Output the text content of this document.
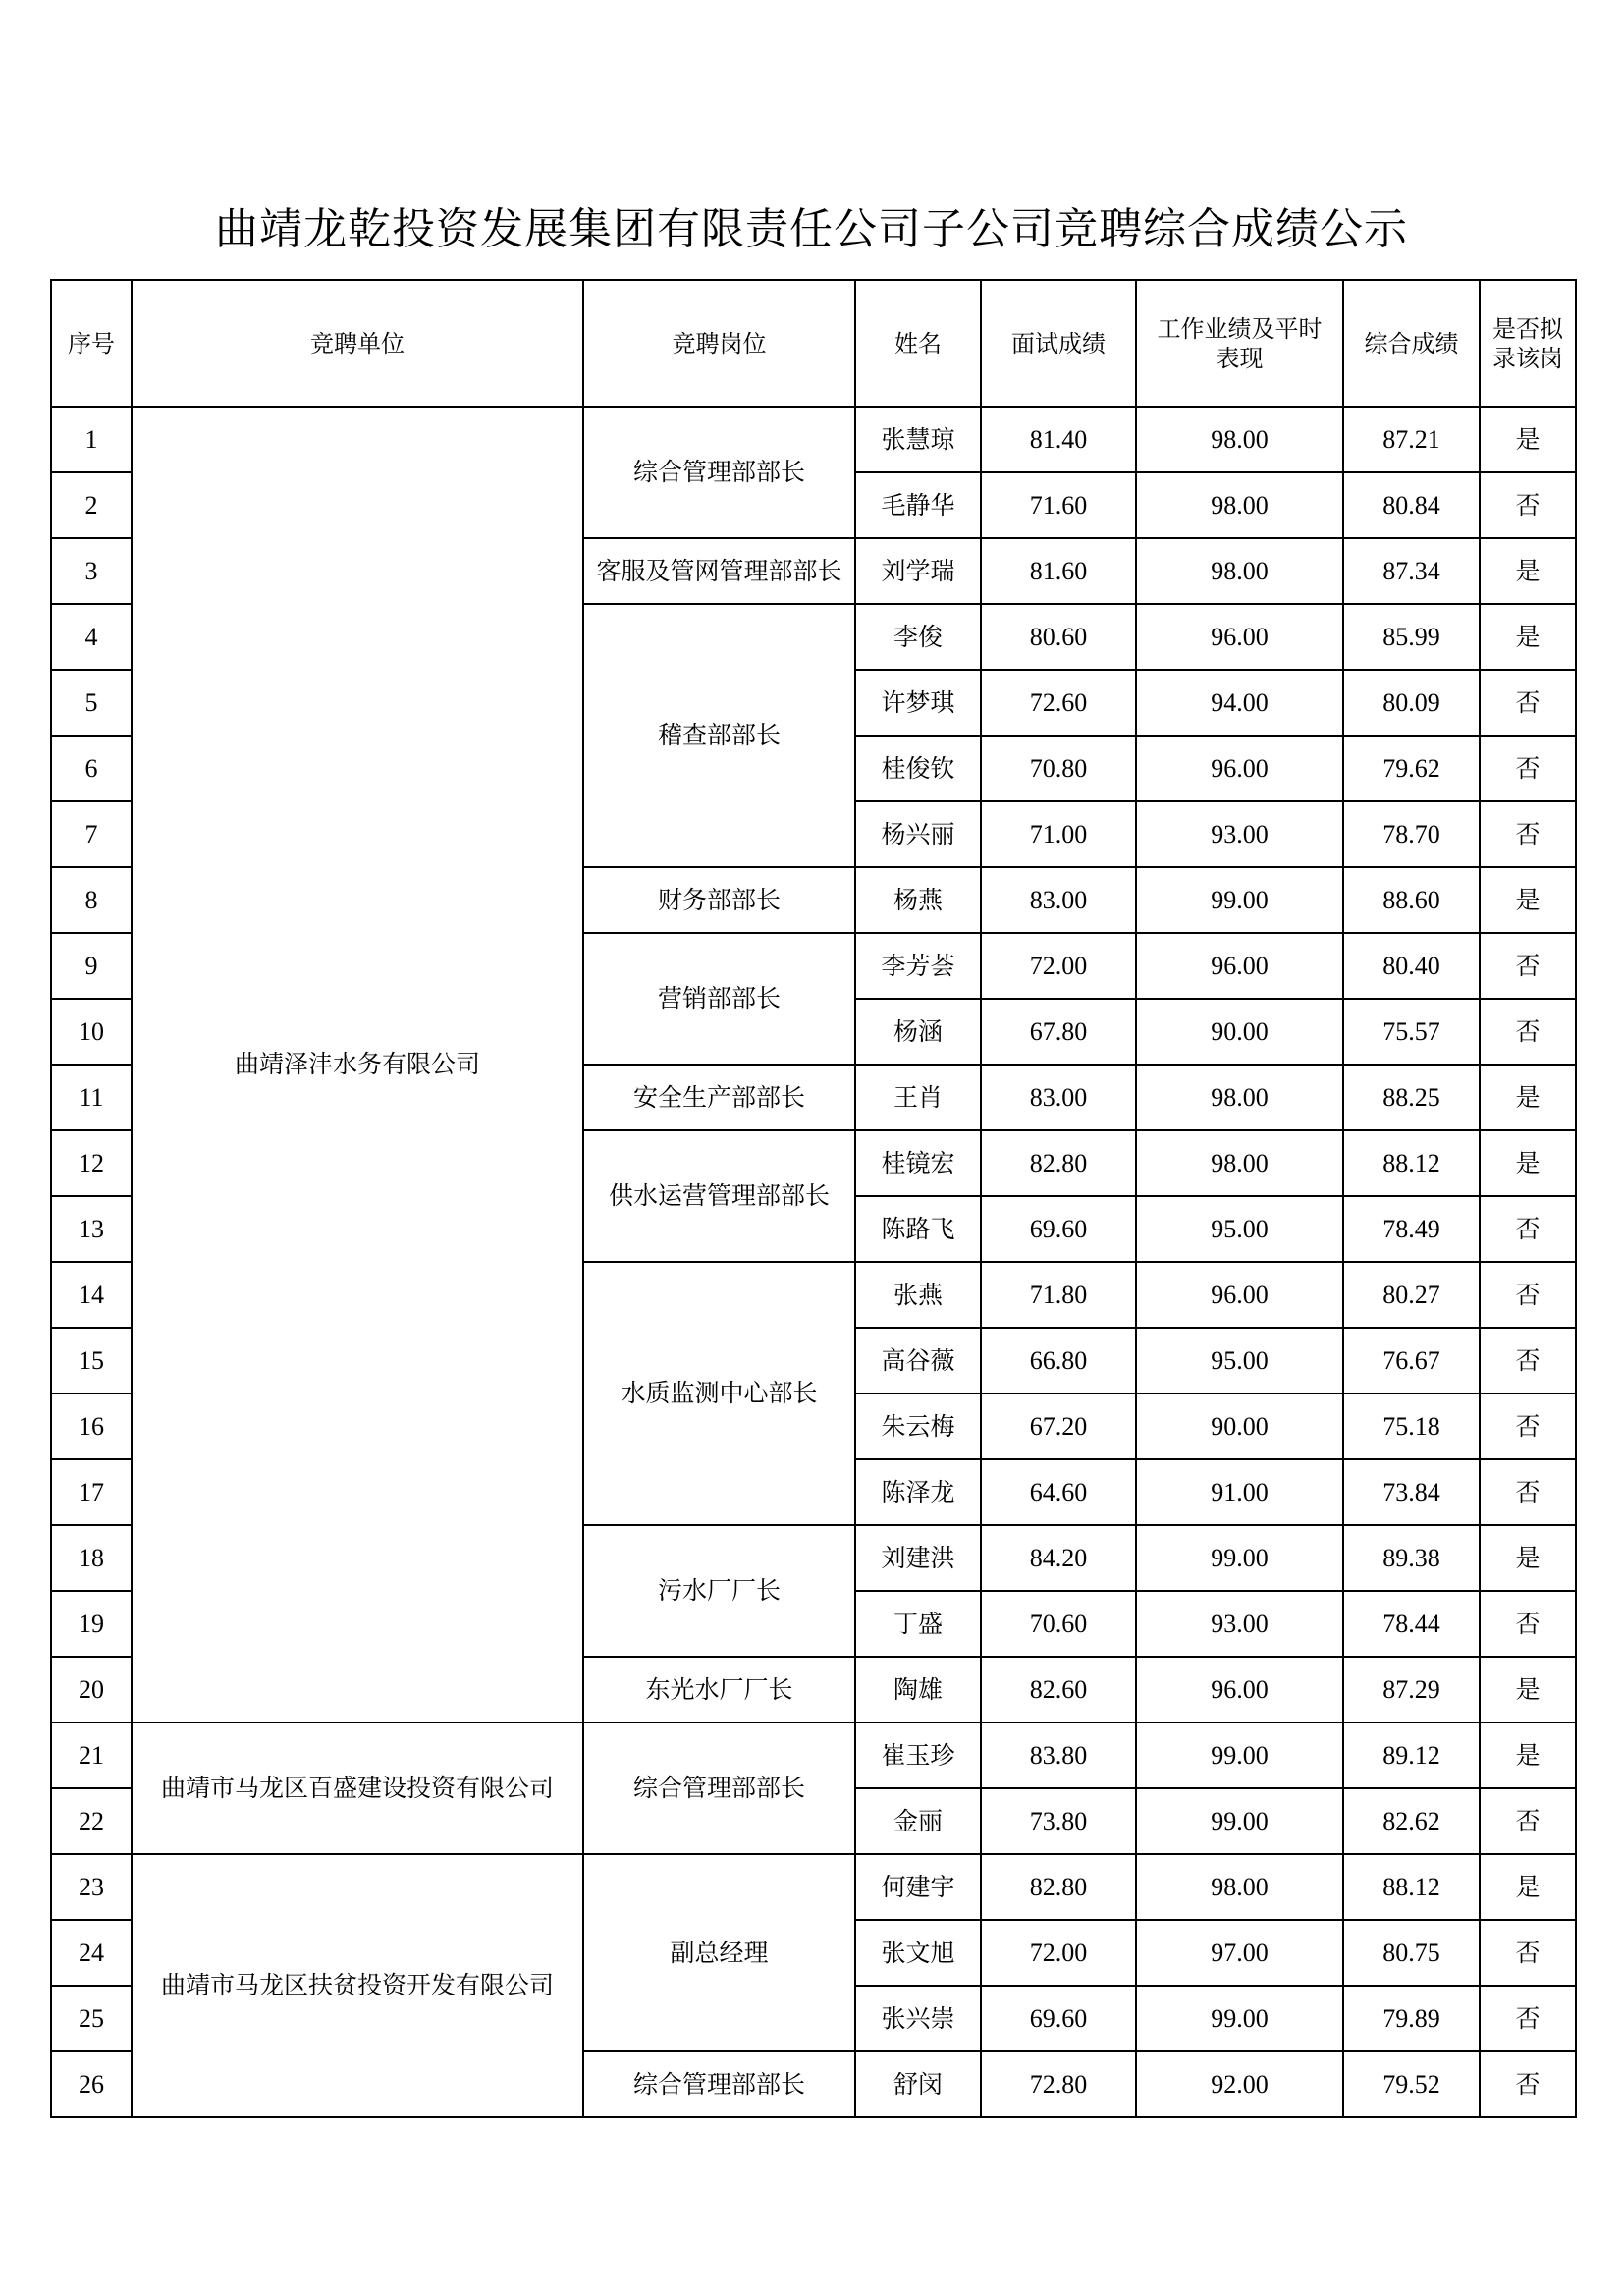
曲靖龙乾投资发展集团有限责任公司子公司竞聘综合成绩公示
序号	竞聘单位	竞聘岗位	姓名	面试成绩	工作业绩及平时表现	综合成绩	是否拟录该岗
1	曲靖泽沣水务有限公司	综合管理部部长	张慧琼	81.40	98.00	87.21	是
2			毛静华	71.60	98.00	80.84	否
3		客服及管网管理部部长	刘学瑞	81.60	98.00	87.34	是
4		稽查部部长	李俊	80.60	96.00	85.99	是
5			许梦琪	72.60	94.00	80.09	否
6			桂俊钦	70.80	96.00	79.62	否
7			杨兴丽	71.00	93.00	78.70	否
8		财务部部长	杨燕	83.00	99.00	88.60	是
9		营销部部长	李芳荟	72.00	96.00	80.40	否
10			杨涵	67.80	90.00	75.57	否
11		安全生产部部长	王肖	83.00	98.00	88.25	是
12		供水运营管理部部长	桂镜宏	82.80	98.00	88.12	是
13			陈路飞	69.60	95.00	78.49	否
14		水质监测中心部长	张燕	71.80	96.00	80.27	否
15			高谷薇	66.80	95.00	76.67	否
16			朱云梅	67.20	90.00	75.18	否
17			陈泽龙	64.60	91.00	73.84	否
18		污水厂厂长	刘建洪	84.20	99.00	89.38	是
19			丁盛	70.60	93.00	78.44	否
20		东光水厂厂长	陶雄	82.60	96.00	87.29	是
21	曲靖市马龙区百盛建设投资有限公司	综合管理部部长	崔玉珍	83.80	99.00	89.12	是
22			金丽	73.80	99.00	82.62	否
23	曲靖市马龙区扶贫投资开发有限公司	副总经理	何建宇	82.80	98.00	88.12	是
24			张文旭	72.00	97.00	80.75	否
25			张兴崇	69.60	99.00	79.89	否
26		综合管理部部长	舒闵	72.80	92.00	79.52	否
